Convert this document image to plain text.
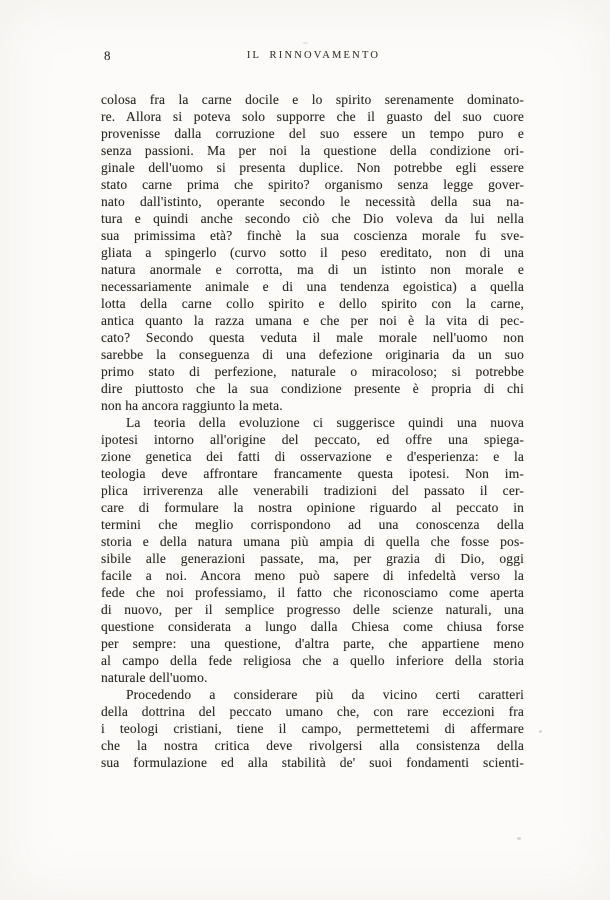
8	IL RINNOVAMENTO
colosa fra la carne docile e lo spirito serenamente dominato-
re. Allora si poteva solo supporre che il guasto del suo cuore
provenisse dalla corruzione del suo essere un tempo puro e
senza passioni. Ma per noi la questione della condizione ori-
ginale dell'uomo si presenta duplice. Non potrebbe egli essere
stato carne prima che spirito? organismo senza legge gover-
nato dall'istinto, operante secondo le necessità della sua na-
tura e quindi anche secondo ciò che Dio voleva da lui nella
sua primissima età? finchè la sua coscienza morale fu sve-
gliata a spingerlo (curvo sotto il peso ereditato, non di una
natura anormale e corrotta, ma di un istinto non morale e
necessariamente animale e di una tendenza egoistica) a quella
lotta della carne collo spirito e dello spirito con la carne,
antica quanto la razza umana e che per noi è la vita di pec-
cato? Secondo questa veduta il male morale nell'uomo non
sarebbe la conseguenza di una defezione originaria da un suo
primo stato di perfezione, naturale o miracoloso; si potrebbe
dire piuttosto che la sua condizione presente è propria di chi
non ha ancora raggiunto la meta.
La teoria della evoluzione ci suggerisce quindi una nuova
ipotesi intorno all'origine del peccato, ed offre una spiega-
zione genetica dei fatti di osservazione e d'esperienza: e la
teologia deve affrontare francamente questa ipotesi. Non im-
plica irriverenza alle venerabili tradizioni del passato il cer-
care di formulare la nostra opinione riguardo al peccato in
termini che meglio corrispondono ad una conoscenza della
storia e della natura umana più ampia di quella che fosse pos-
sibile alle generazioni passate, ma, per grazia di Dio, oggi
facile a noi. Ancora meno può sapere di infedeltà verso la
fede che noi professiamo, il fatto che riconosciamo come aperta
di nuovo, per il semplice progresso delle scienze naturali, una
questione considerata a lungo dalla Chiesa come chiusa forse
per sempre: una questione, d'altra parte, che appartiene meno
al campo della fede religiosa che a quello inferiore della storia
naturale dell'uomo.
Procedendo a considerare più da vicino certi caratteri
della dottrina del peccato umano che, con rare eccezioni fra
i teologi cristiani, tiene il campo, permettetemi di affermare
che la nostra critica deve rivolgersi alla consistenza della
sua formulazione ed alla stabilità de' suoi fondamenti scienti-
